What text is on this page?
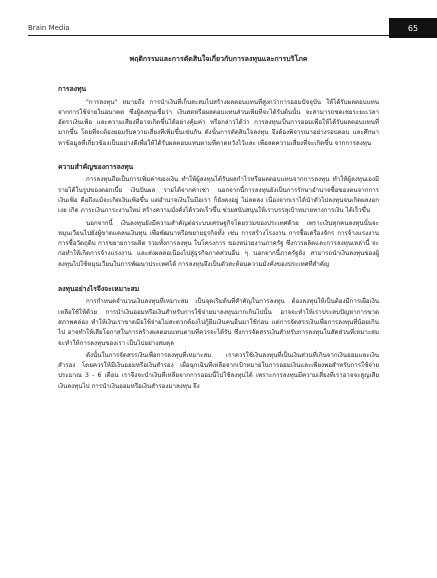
Brain Media	65
พฤติกรรมและการตัดสินใจเกี่ยวกับการลงทุนและการบริโภค
การลงทุน

"การลงทุน" หมายถึง การนำเงินที่เก็บสะสมไปสร้างผลตอบแทนที่สูงกว่าการออมปัจจุบัน ให้ได้รับผลตอบแทนจากการใช้จ่ายในอนาคต ซึ่งผู้ลงทุนเชื่อว่า เงินสดหรือผลตอบแทนส่วนเพิ่มที่จะได้รับต้นนั้น จะสามารถชดเชยระยะเวลา อัตราเงินเฟ้อ และความเสี่ยงที่อาจเกิดขึ้นได้อย่างคุ้มค่า หรือกล่าวได้ว่า การลงทุนเป็นการออมเพื่อให้ได้รับผลตอบแทนที่มากขึ้น โดยที่จะต้องยอมรับความเสี่ยงที่เพิ่มขึ้นเช่นกัน ดังนั้นการตัดสินใจลงทุน จึงต้องพิจารณาอย่างรอบคอบ และศึกษาหาข้อมูลที่เกี่ยวข้องเป็นอย่างดีเพื่อให้ได้รับผลตอบแทนตามที่คาดหวังไว้และ เพื่อลดความเสี่ยงที่จะเกิดขึ้น จากการลงทุน

ความสำคัญของการลงทุน

การลงทุนถือเป็นการเพิ่มค่าของเงิน ทำให้ผู้ลงทุนได้รับผลกำไรหรือผลตอบแทนจากการลงทุน ทำให้ผู้ลงทุนเองมีรายได้ในรูปของดอกเบี้ย เงินปันผล รายได้จากค่าเช่า นอกจากนี้การลงทุนยังเป็นการรักษาอำนาจซื้อของตนจากการเงินเฟ้อ คือถึงแม้จะเกิดเงินเฟ้อขึ้น แต่อำนาจเงินในมือเรา ก็ยังคงอยู่ ไม่ลดลง เนื่องจากเราได้นำตัวไปลงทุนจนเกิดผลงอกเงย เกิด ภาระเงินภาระงานใหม่ สร้างความมั่งคั่งได้รวดเร็วขึ้น ช่วยสนับสนุนให้เราบรรลุเป้าหมายทางการเงิน ได้เร็วขึ้น

นอกจากนี้ เงินลงทุนยังมีความสำคัญต่อระบบเศรษฐกิจโดยรวมของประเทศด้วย เพราะเงินทุกคนลงทุนนั้นจะหมุนเวียนไปยังผู้ขาดแคลนเงินทุน เพื่อพัฒนาหรือขยายธุรกิจทั้ง เช่น การสร้างโรงงาน การซื้อเครื่องจักร การจ้างแรงงาน การซื้อวัตถุดิบ การขยายการผลิต รวมทั้งการลงทุน ในโครงการ ของหน่วยงานภาครัฐ ซึ่งการผลิตและการลงทุนเหล่านี้ จะก่อทำให้เกิดการจ้างแรงงาน และส่งผลต่อเนื่องไปสู่ธุรกิจภาคส่วนอื่น ๆ นอกจากนี้ภาครัฐยัง สามารถนำเงินลงทุนของผู้ลงทุนไปใช้หมุนเวียนในการพัฒนาประเทศได้ การลงทุนจึงเป็นตัวสะท้อนความมั่งคั่งของประเทศที่สำคัญ

ลงทุนอย่างไรจึงจะเหมาะสม

การกำหนดจำนวนเงินลงทุนที่เหมาะสม เป็นจุดเริ่มต้นที่สำคัญในการลงทุน ต้องลงทุนให้เป็นต้องมีการเผื่อเงินเหลือใช้ให้ด้วย การนำเงินออมหรือเงินสำหรับการใช้จ่ายมาลงทุนมากเกินไปนั้น อาจจะทำให้เราประสบปัญหาการขาดสภาพคล่อง ทำให้เงินเราขาดมือใช้จ่ายไม่สะดวกต้องไปกู้ยืมเงินคนอื่นมาใช้ก่อน แต่การจัดสรรเงินเพื่อการลงทุนที่น้อยเกินไป อาจทำให้เสียโอกาสในการสร้างผลตอบแทนตามที่ควรจะได้รับ ซึ่งการจัดสรรเงินสำหรับการลงทุนในสัดส่วนที่เหมาะสมจะทำให้การลงทุนของเรา เป็นไปอย่างสมดุล

ดังนั้นในการจัดสรรเงินเพื่อการลงทุนที่เหมาะสม เราควรใช้เงินลงทุนที่เป็นเงินส่วนที่เกินจากเงินออมและเงินสำรอง โดยควรให้มีเงินออมหรือเงินสำรอง เผื่อฉุกเฉินที่เหลือจากเป้าหมายในการออมเงินและเพียงพอสำหรับการใช้จ่าย ประมาณ 3 - 6 เดือน เราจึงจะนำเงินที่เหลือจากการออมนี้ไปใช้ลงทุนได้ เพราะการลงทุนมีความเสี่ยงที่เราอาจจะสูญเสียเงินลงทุนไป การนำเงินออมหรือเงินสำรองมาลงทุน จึง
